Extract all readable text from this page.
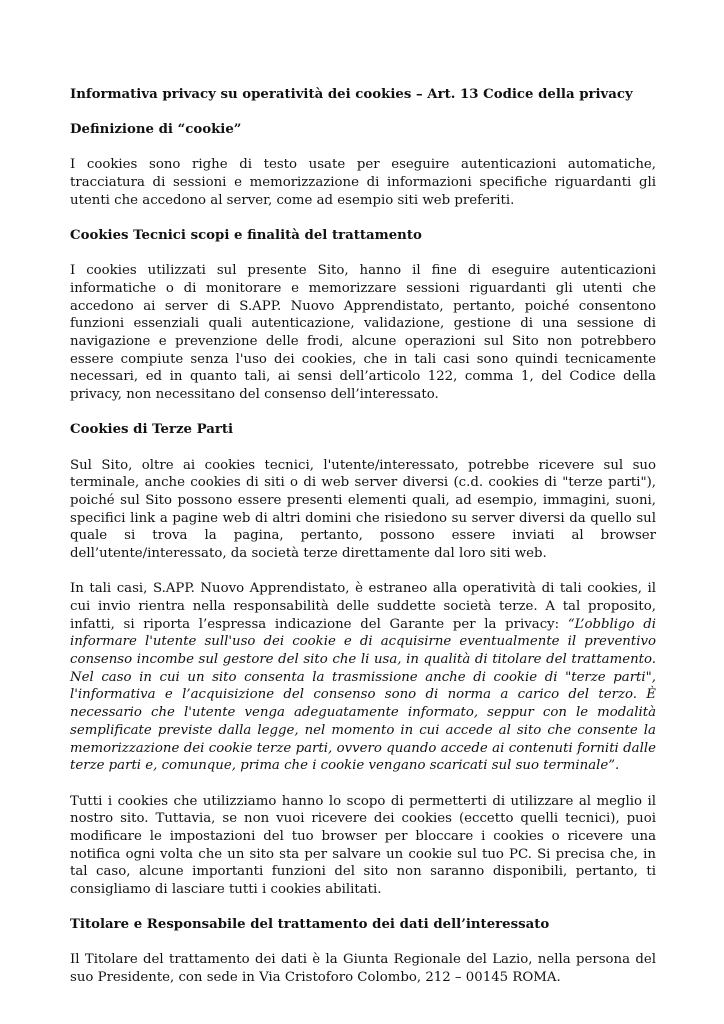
Informativa privacy su operatività dei cookies – Art. 13 Codice della privacy
Definizione di “cookie”

I cookies sono righe di testo usate per eseguire autenticazioni automatiche, tracciatura di sessioni e memorizzazione di informazioni specifiche riguardanti gli utenti che accedono al server, come ad esempio siti web preferiti.

Cookies Tecnici scopi e finalità del trattamento

I cookies utilizzati sul presente Sito, hanno il fine di eseguire autenticazioni informatiche o di monitorare e memorizzare sessioni riguardanti gli utenti che accedono ai server di S.APP. Nuovo Apprendistato, pertanto, poiché consentono funzioni essenziali quali autenticazione, validazione, gestione di una sessione di navigazione e prevenzione delle frodi, alcune operazioni sul Sito non potrebbero essere compiute senza l'uso dei cookies, che in tali casi sono quindi tecnicamente necessari, ed in quanto tali, ai sensi dell’articolo 122, comma 1, del Codice della privacy, non necessitano del consenso dell’interessato.

Cookies di Terze Parti

Sul Sito, oltre ai cookies tecnici, l'utente/interessato, potrebbe ricevere sul suo terminale, anche cookies di siti o di web server diversi (c.d. cookies di "terze parti"), poiché sul Sito possono essere presenti elementi quali, ad esempio, immagini, suoni, specifici link a pagine web di altri domini che risiedono su server diversi da quello sul quale si trova la pagina, pertanto, possono essere inviati al browser dell’utente/interessato, da società terze direttamente dal loro siti web.

In tali casi, S.APP. Nuovo Apprendistato, è estraneo alla operatività di tali cookies, il cui invio rientra nella responsabilità delle suddette società terze. A tal proposito, infatti, si riporta l’espressa indicazione del Garante per la privacy: “L’obbligo di informare l'utente sull'uso dei cookie e di acquisirne eventualmente il preventivo consenso incombe sul gestore del sito che li usa, in qualità di titolare del trattamento. Nel caso in cui un sito consenta la trasmissione anche di cookie di "terze parti", l'informativa e l’acquisizione del consenso sono di norma a carico del terzo. È necessario che l'utente venga adeguatamente informato, seppur con le modalità semplificate previste dalla legge, nel momento in cui accede al sito che consente la memorizzazione dei cookie terze parti, ovvero quando accede ai contenuti forniti dalle terze parti e, comunque, prima che i cookie vengano scaricati sul suo terminale”.

Tutti i cookies che utilizziamo hanno lo scopo di permetterti di utilizzare al meglio il nostro sito. Tuttavia, se non vuoi ricevere dei cookies (eccetto quelli tecnici), puoi modificare le impostazioni del tuo browser per bloccare i cookies o ricevere una notifica ogni volta che un sito sta per salvare un cookie sul tuo PC. Si precisa che, in tal caso, alcune importanti funzioni del sito non saranno disponibili, pertanto, ti consigliamo di lasciare tutti i cookies abilitati.

Titolare e Responsabile del trattamento dei dati dell’interessato

Il Titolare del trattamento dei dati è la Giunta Regionale del Lazio, nella persona del suo Presidente, con sede in Via Cristoforo Colombo, 212 – 00145 ROMA.
